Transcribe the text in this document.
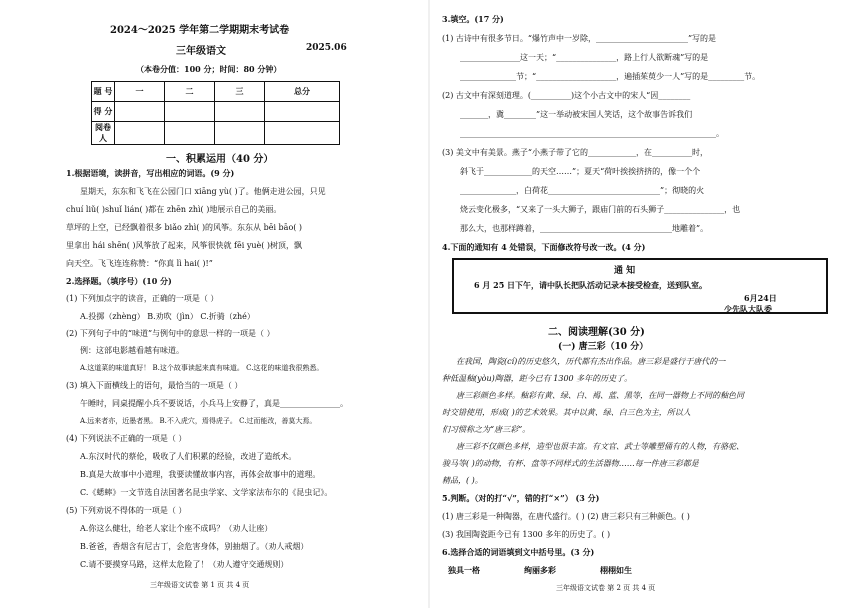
2024～2025 学年第二学期期末考试卷
三年级语文	2025.06
（本卷分值：100 分；时间：80 分钟）
题 号	一	二	三	总分
得 分				
阅卷人				
一、积累运用（40 分）
1.根据语境，读拼音，写出相应的词语。(9 分)
星期天，东东和飞飞在公园门口 xiāng yù( )了。他俩走进公园，只见
chuí liǔ( )shuǐ lián( )都在 zhēn zhì( )地展示自己的美丽。
草坪的上空，已经飘着很多 biǎo zhì( )的风筝。东东从 bēi bāo( )
里拿出 hái shēn( )风筝放了起来，风筝很快就 fēi yuè( )树顶，飘
向天空。飞飞连连称赞：“你真 lì hai( )!”
2.选择题。（填序号）(10 分)
(1) 下列加点字的读音，正确的一项是（ ）
A.投掷（zhèng） B.劝吹（jìn） C.折骑（zhé）
(2) 下列句子中的“味道”与例句中的意思一样的一项是（ ）
例：这部电影越看越有味道。
A.这道菜的味道真好！ B.这个故事读起来真有味道。 C.这花的味道我很熟悉。
(3) 填入下面横线上的语句，最恰当的一项是（ ）
午睡时，同桌提醒小兵不要说话，小兵马上安静了，真是_______________。
A.远来者亦，近墨者黑。 B.不入虎穴，焉得虎子。 C.过而能改，善莫大焉。
(4) 下列说法不正确的一项是（ ）
A.东汉时代的蔡伦，吸收了人们积累的经验，改进了造纸术。
B.真是大故事中小道理，我要读懂故事内容，再体会故事中的道理。
C.《蟋蟀》一文节选自法国著名昆虫学家、文学家法布尔的《昆虫记》。
(5) 下列劝说不得体的一项是（ ）
A.你这么健壮，给老人家让个座不成吗？（劝人让座）
B.爸爸，香烟含有尼古丁，会危害身体，别抽烟了。（劝人戒烟）
C.请不要摸穿马路，这样太危险了！（劝人遵守交通规则）
三年级语文试卷 第 1 页 共 4 页
3.填空。(17 分)
(1) 古诗中有很多节日。“爆竹声中一岁除，_______________________”写的是
_______________这一天；“_______________，路上行人欲断魂”写的是
______________节；“____________________，遍插茱萸少一人”写的是_________节。
(2) 古文中有深刻道理。(__________)这个小古文中的宋人“因________
_______，冀________”这一举动被宋国人笑话，这个故事告诉我们
________________________________________________________________。
(3) 美文中有美景。燕子“小燕子带了它的____________，在__________时，
斜飞于____________的天空……”；夏天“荷叶挨挨挤挤的，像一个个
______________，白荷花____________________________”；彻晓的火
烧云变化极多，“又来了一头大狮子，跟庙门前的石头狮子_______________，也
那么大，也那样蹲着，_________________________________地雕着”。
4.下面的通知有 4 处错误，下面修改符号改一改。(4 分)
通 知
6 月 25 日下午，请中队长把队活动记录本接受检查，送到队室。
6月24日
少先队大队委
二、阅读理解(30 分)
(一) 唐三彩（10 分）
在我国，陶瓷(cí)的历史悠久，历代都有杰出作品。唐三彩是盛行于唐代的一
种低温釉(yòu)陶器，距今已有 1300 多年的历史了。
唐三彩颜色多样。釉彩有黄、绿、白、褐、蓝、黑等，在同一器物上不同的釉色同
时交错使用，形成( )的艺术效果。其中以黄、绿、白三色为主，所以人
们习惯称之为“唐三彩”。
唐三彩不仅颜色多样，造型也很丰富。有文官、武士等雕塑俑有的人物，有骆驼、
骏马等( )的动物，有杯、盘等不同样式的生活器物……每一件唐三彩都是
精品，( )。
5.判断。（对的打“√”，错的打“×”） (3 分)
(1) 唐三彩是一种陶器，在唐代盛行。( ) (2) 唐三彩只有三种颜色。( )
(3) 我国陶瓷距今已有 1300 多年的历史了。( )
6.选择合适的词语填到文中括号里。(3 分)
独具一格	绚丽多彩	栩栩如生
三年级语文试卷 第 2 页 共 4 页
